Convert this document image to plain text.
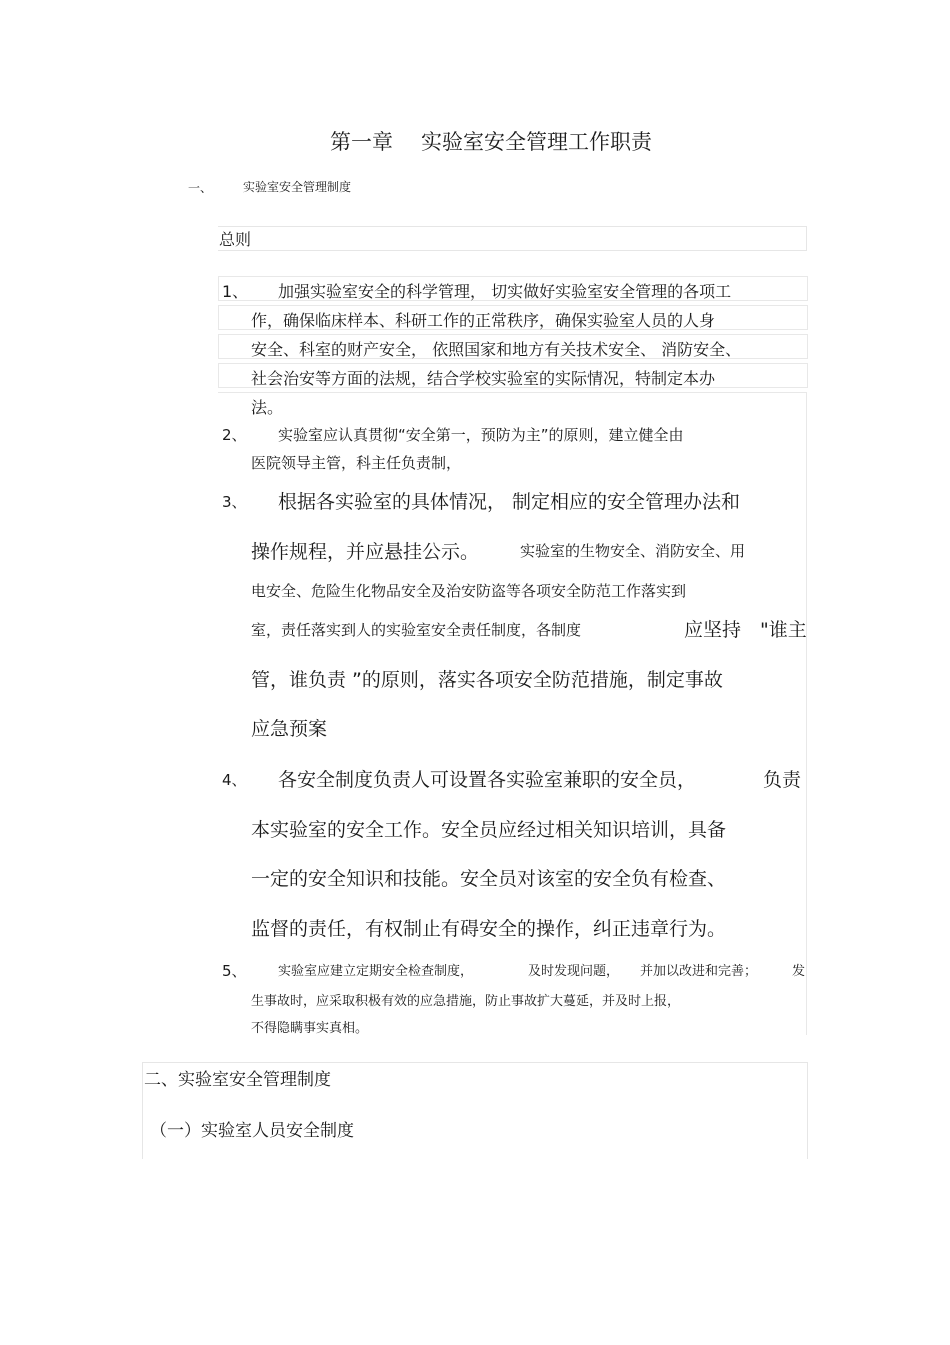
第一章 实验室安全管理工作职责
一、	实验室安全管理制度
总则
1、 加强实验室安全的科学管理， 切实做好实验室安全管理的各项工
作，确保临床样本、科研工作的正常秩序，确保实验室人员的人身
安全、科室的财产安全， 依照国家和地方有关技术安全、 消防安全、
社会治安等方面的法规，结合学校实验室的实际情况，特制定本办
法。
2、 实验室应认真贯彻“安全第一，预防为主”的原则，建立健全由
医院领导主管，科主任负责制，
3、 根据各实验室的具体情况， 制定相应的安全管理办法和
操作规程，并应悬挂公示。	实验室的生物安全、消防安全、用
电安全、危险生化物品安全及治安防盗等各项安全防范工作落实到
室，责任落实到人的实验室安全责任制度，各制度	应坚持 "谁主
管，谁负责 ”的原则，落实各项安全防范措施，制定事故
应急预案
4、 各安全制度负责人可设置各实验室兼职的安全员，	负责
本实验室的安全工作。安全员应经过相关知识培训，具备
一定的安全知识和技能。安全员对该室的安全负有检查、
监督的责任，有权制止有碍安全的操作，纠正违章行为。
5、 实验室应建立定期安全检查制度，	及时发现问题， 并加以改进和完善；	发
生事故时，应采取积极有效的应急措施，防止事故扩大蔓延，并及时上报，
不得隐瞒事实真相。
二、实验室安全管理制度
（一）实验室人员安全制度
